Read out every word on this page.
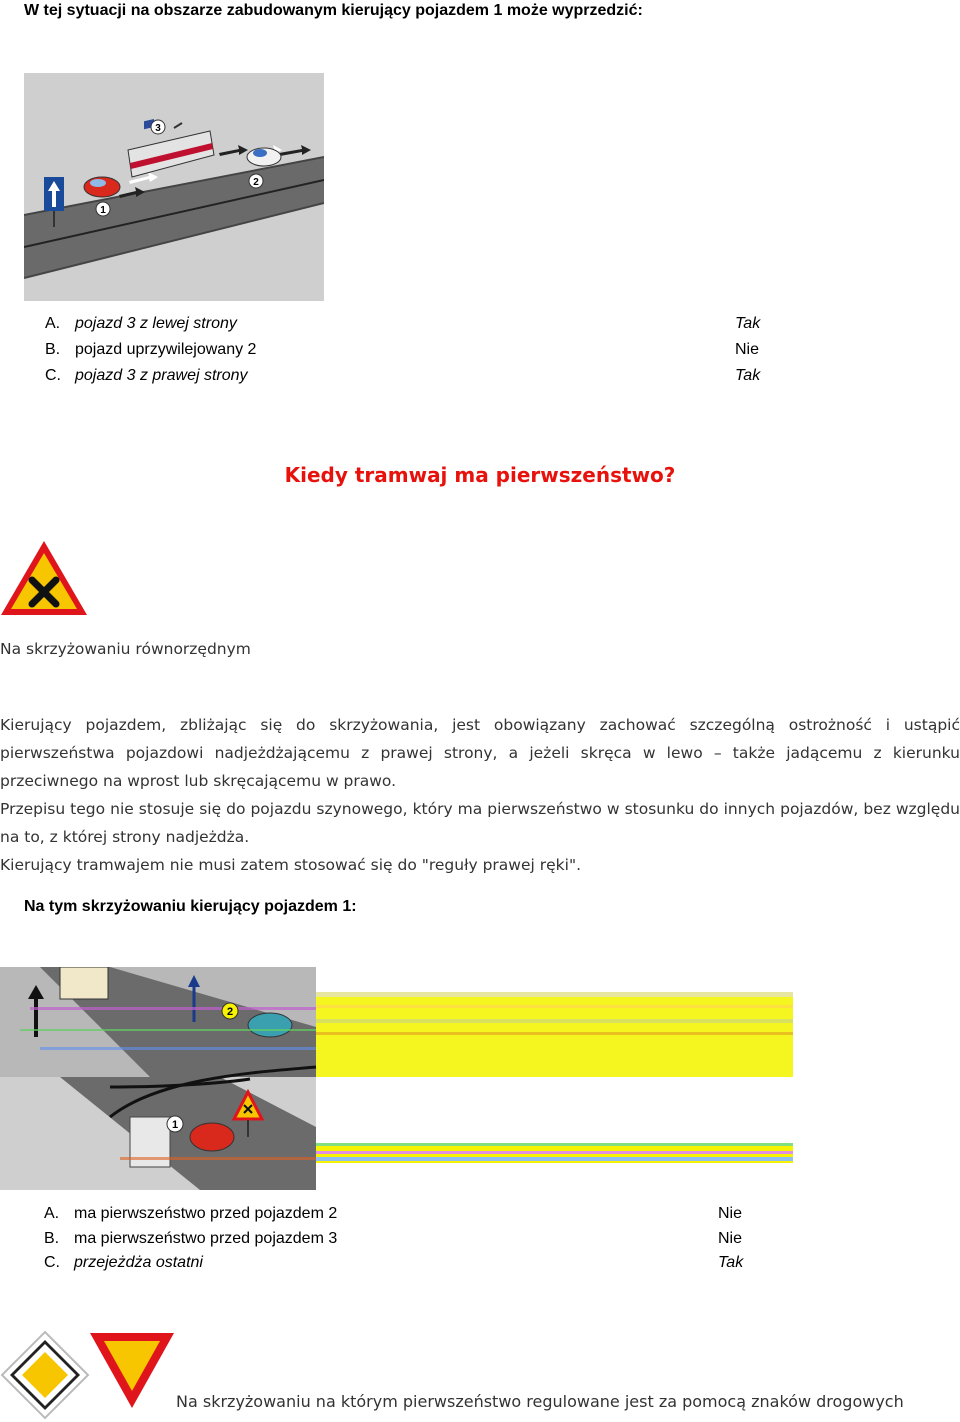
W tej sytuacji na obszarze zabudowanym kierujący pojazdem 1 może wyprzedzić:
3
2
1
A. pojazd 3 z lewej strony
B. pojazd uprzywilejowany 2
C. pojazd 3 z prawej strony
Tak
Nie
Tak
Kiedy tramwaj ma pierwszeństwo?
Na skrzyżowaniu równorzędnym
Kierujący pojazdem, zbliżając się do skrzyżowania, jest obowiązany zachować szczególną ostrożność i ustąpić pierwszeństwa pojazdowi nadjeżdżającemu z prawej strony, a jeżeli skręca w lewo – także jadącemu z kierunku przeciwnego na wprost lub skręcającemu w prawo.
Przepisu tego nie stosuje się do pojazdu szynowego, który ma pierwszeństwo w stosunku do innych pojazdów, bez względu na to, z której strony nadjeżdża.
Kierujący tramwajem nie musi zatem stosować się do "reguły prawej ręki".
Na tym skrzyżowaniu kierujący pojazdem 1:
2
1
A. ma pierwszeństwo przed pojazdem 2
B. ma pierwszeństwo przed pojazdem 3
C. przejeżdża ostatni
Nie
Nie
Tak
Na skrzyżowaniu na którym pierwszeństwo regulowane jest za pomocą znaków drogowych
